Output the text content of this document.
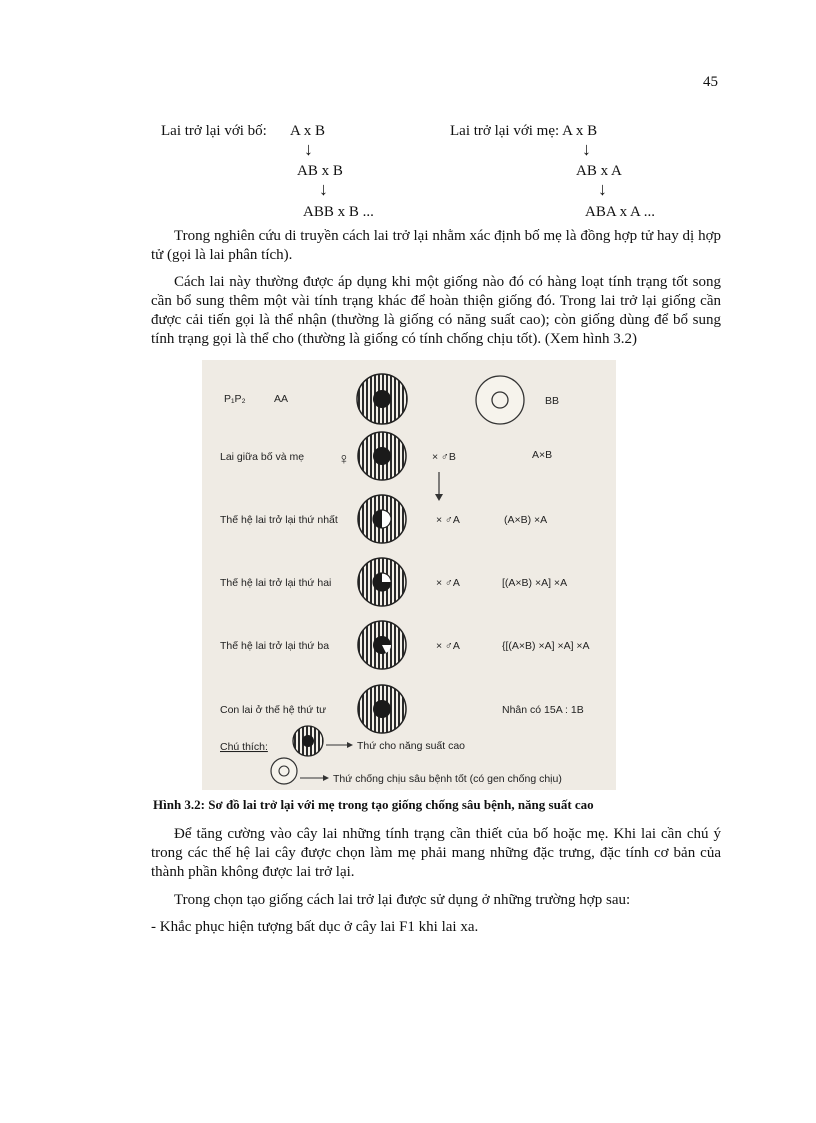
45
Lai trở lại với bố: A x B
↓
AB x B
↓
ABB x B ...
Lai trở lại với mẹ: A x B
↓
AB x A
↓
ABA x A ...
Trong nghiên cứu di truyền cách lai trở lại nhằm xác định bố mẹ là đồng hợp tử hay dị hợp tử (gọi là lai phân tích).
Cách lai này thường được áp dụng khi một giống nào đó có hàng loạt tính trạng tốt song cần bổ sung thêm một vài tính trạng khác để hoàn thiện giống đó. Trong lai trở lại giống cần được cải tiến gọi là thể nhận (thường là giống có năng suất cao); còn giống dùng để bổ sung tính trạng gọi là thể cho (thường là giống có tính chống chịu tốt). (Xem hình 3.2)
P₁P₂	AA	BB
Lai giữa bố và mẹ ♀	× ♂B	A×B
Thế hệ lai trở lại thứ nhất	× ♂A	(A×B) ×A
Thế hệ lai trở lại thứ hai	× ♂A	[(A×B) ×A] ×A
Thế hệ lai trở lại thứ ba	× ♂A	{[(A×B) ×A] ×A] ×A
Con lai ở thế hệ thứ tư	Nhân có 15A : 1B
Chú thích:	Thứ cho năng suất cao
Thứ chống chịu sâu bệnh tốt (có gen chống chịu)
Hình 3.2: Sơ đồ lai trở lại với mẹ trong tạo giống chống sâu bệnh, năng suất cao
Để tăng cường vào cây lai những tính trạng cần thiết của bố hoặc mẹ. Khi lai cần chú ý trong các thế hệ lai cây được chọn làm mẹ phải mang những đặc trưng, đặc tính cơ bản của thành phần không được lai trở lại.
Trong chọn tạo giống cách lai trở lại được sử dụng ở những trường hợp sau:
- Khắc phục hiện tượng bất dục ở cây lai F1 khi lai xa.
